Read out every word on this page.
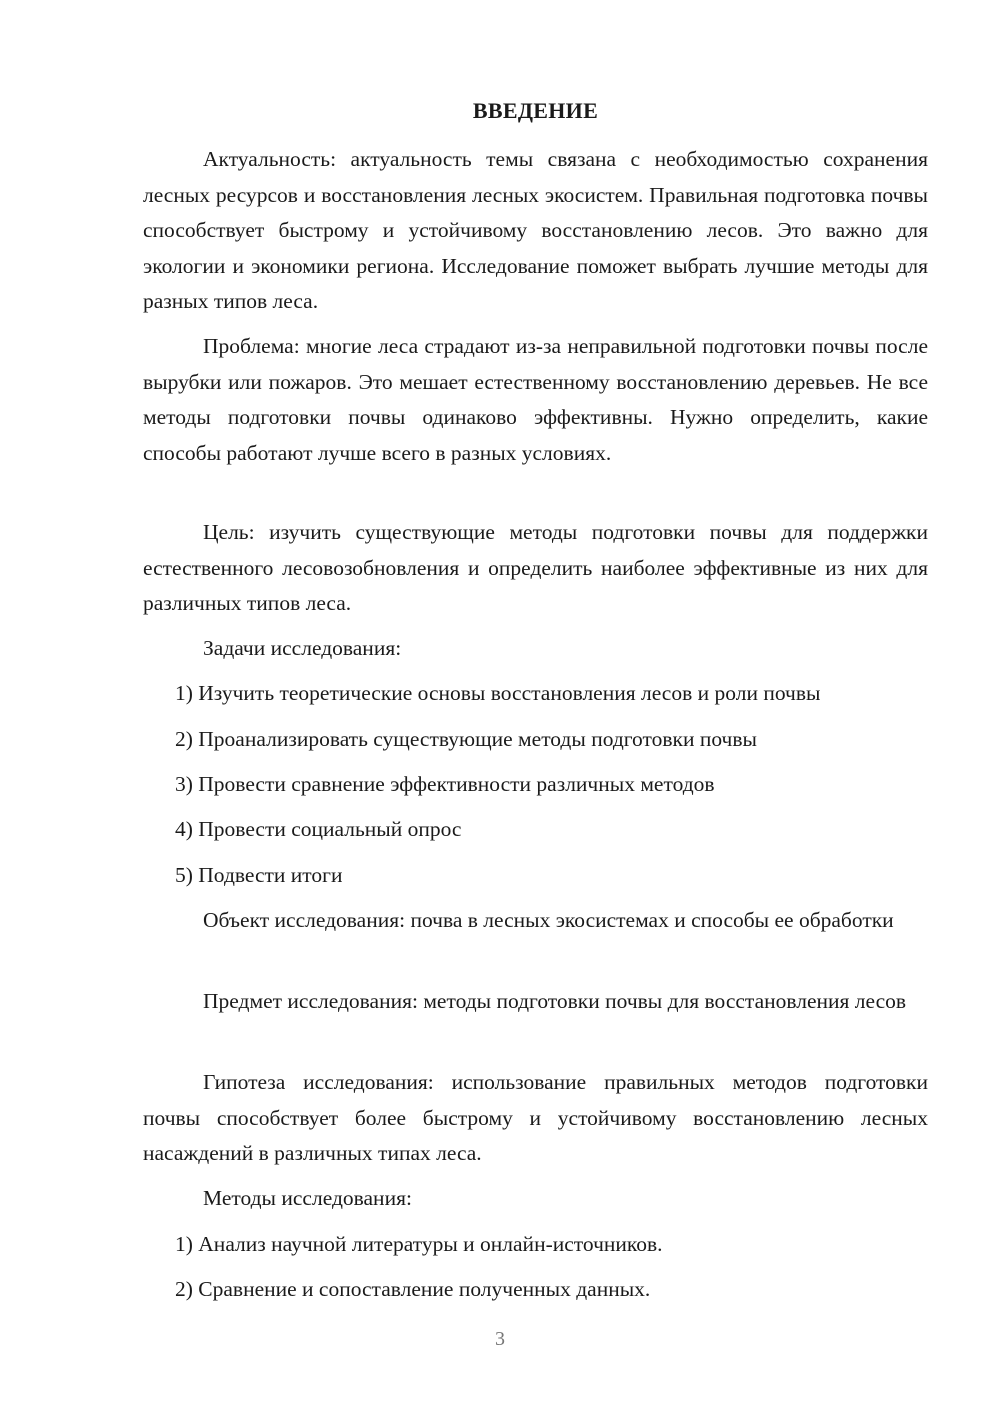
ВВЕДЕНИЕ

Актуальность: актуальность темы связана с необходимостью сохранения лесных ресурсов и восстановления лесных экосистем. Правильная подготовка почвы способствует быстрому и устойчивому восстановлению лесов. Это важно для экологии и экономики региона. Исследование поможет выбрать лучшие методы для разных типов леса.

Проблема: многие леса страдают из-за неправильной подготовки почвы после вырубки или пожаров. Это мешает естественному восстановлению деревьев. Не все методы подготовки почвы одинаково эффективны. Нужно определить, какие способы работают лучше всего в разных условиях.

Цель: изучить существующие методы подготовки почвы для поддержки естественного лесовозобновления и определить наиболее эффективные из них для различных типов леса.

Задачи исследования:

1) Изучить теоретические основы восстановления лесов и роли почвы

2) Проанализировать существующие методы подготовки почвы

3) Провести сравнение эффективности различных методов

4) Провести социальный опрос

5) Подвести итоги

Объект исследования: почва в лесных экосистемах и способы ее обработки

Предмет исследования: методы подготовки почвы для восстановления лесов

Гипотеза исследования: использование правильных методов подготовки почвы способствует более быстрому и устойчивому восстановлению лесных насаждений в различных типах леса.

Методы исследования:

1) Анализ научной литературы и онлайн-источников.

2) Сравнение и сопоставление полученных данных.

3
